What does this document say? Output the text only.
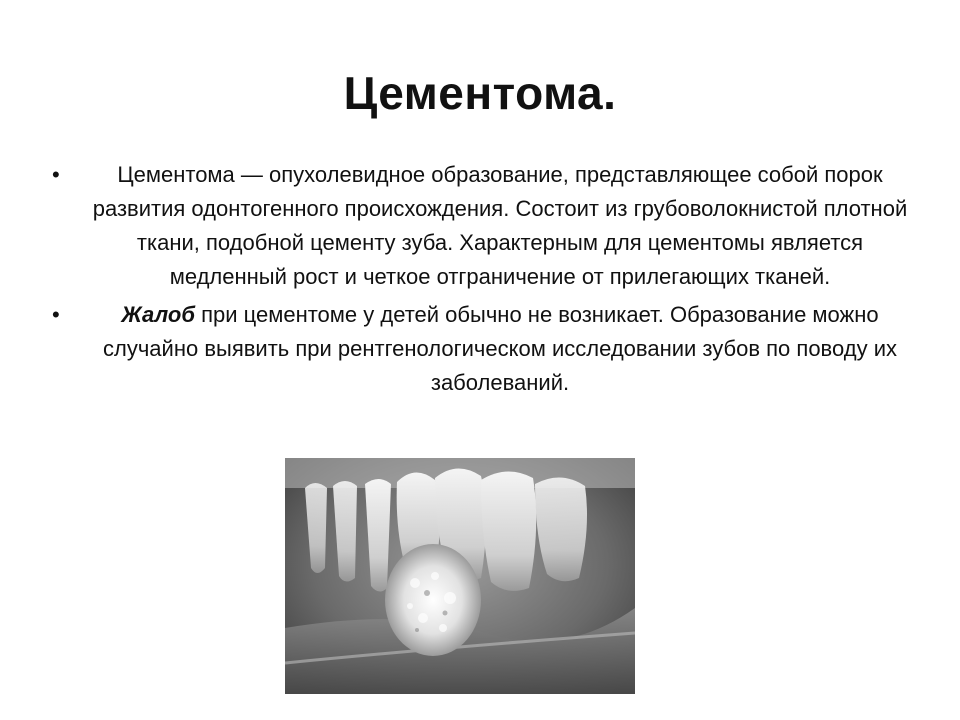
Цементома.
•	Цементома — опухолевидное образование, представляющее собой порок развития одонтогенного происхождения. Состоит из грубоволокнистой плотной ткани, подобной цементу зуба. Характерным для цементомы является медленный рост и четкое отграничение от прилегающих тканей.
•	Жалоб при цементоме у детей обычно не возникает. Образование можно случайно выявить при рентгенологическом исследовании зубов по поводу их заболеваний.
